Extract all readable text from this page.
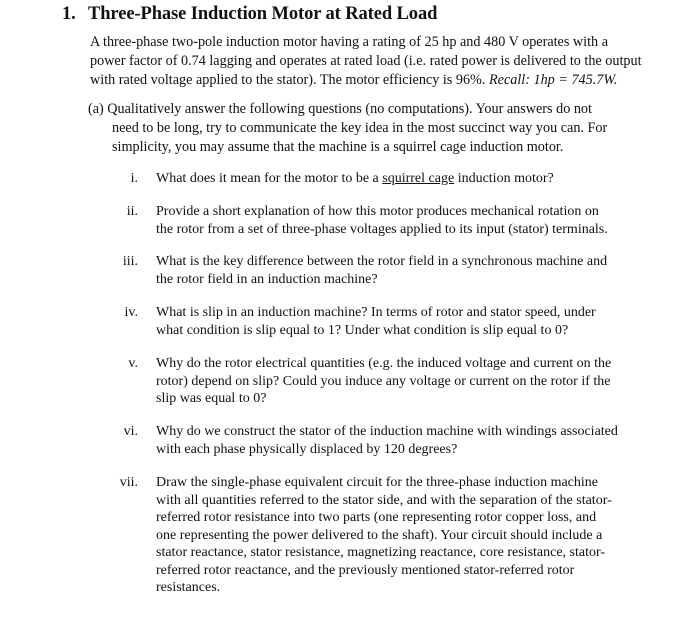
1. Three-Phase Induction Motor at Rated Load
A three-phase two-pole induction motor having a rating of 25 hp and 480 V operates with a
power factor of 0.74 lagging and operates at rated load (i.e. rated power is delivered to the output
with rated voltage applied to the stator). The motor efficiency is 96%. Recall: 1hp = 745.7W.
(a) Qualitatively answer the following questions (no computations). Your answers do not
need to be long, try to communicate the key idea in the most succinct way you can. For
simplicity, you may assume that the machine is a squirrel cage induction motor.
i. What does it mean for the motor to be a squirrel cage induction motor?
ii. Provide a short explanation of how this motor produces mechanical rotation on
the rotor from a set of three-phase voltages applied to its input (stator) terminals.
iii. What is the key difference between the rotor field in a synchronous machine and
the rotor field in an induction machine?
iv. What is slip in an induction machine? In terms of rotor and stator speed, under
what condition is slip equal to 1? Under what condition is slip equal to 0?
v. Why do the rotor electrical quantities (e.g. the induced voltage and current on the
rotor) depend on slip? Could you induce any voltage or current on the rotor if the
slip was equal to 0?
vi. Why do we construct the stator of the induction machine with windings associated
with each phase physically displaced by 120 degrees?
vii. Draw the single-phase equivalent circuit for the three-phase induction machine
with all quantities referred to the stator side, and with the separation of the stator-
referred rotor resistance into two parts (one representing rotor copper loss, and
one representing the power delivered to the shaft). Your circuit should include a
stator reactance, stator resistance, magnetizing reactance, core resistance, stator-
referred rotor reactance, and the previously mentioned stator-referred rotor
resistances.
